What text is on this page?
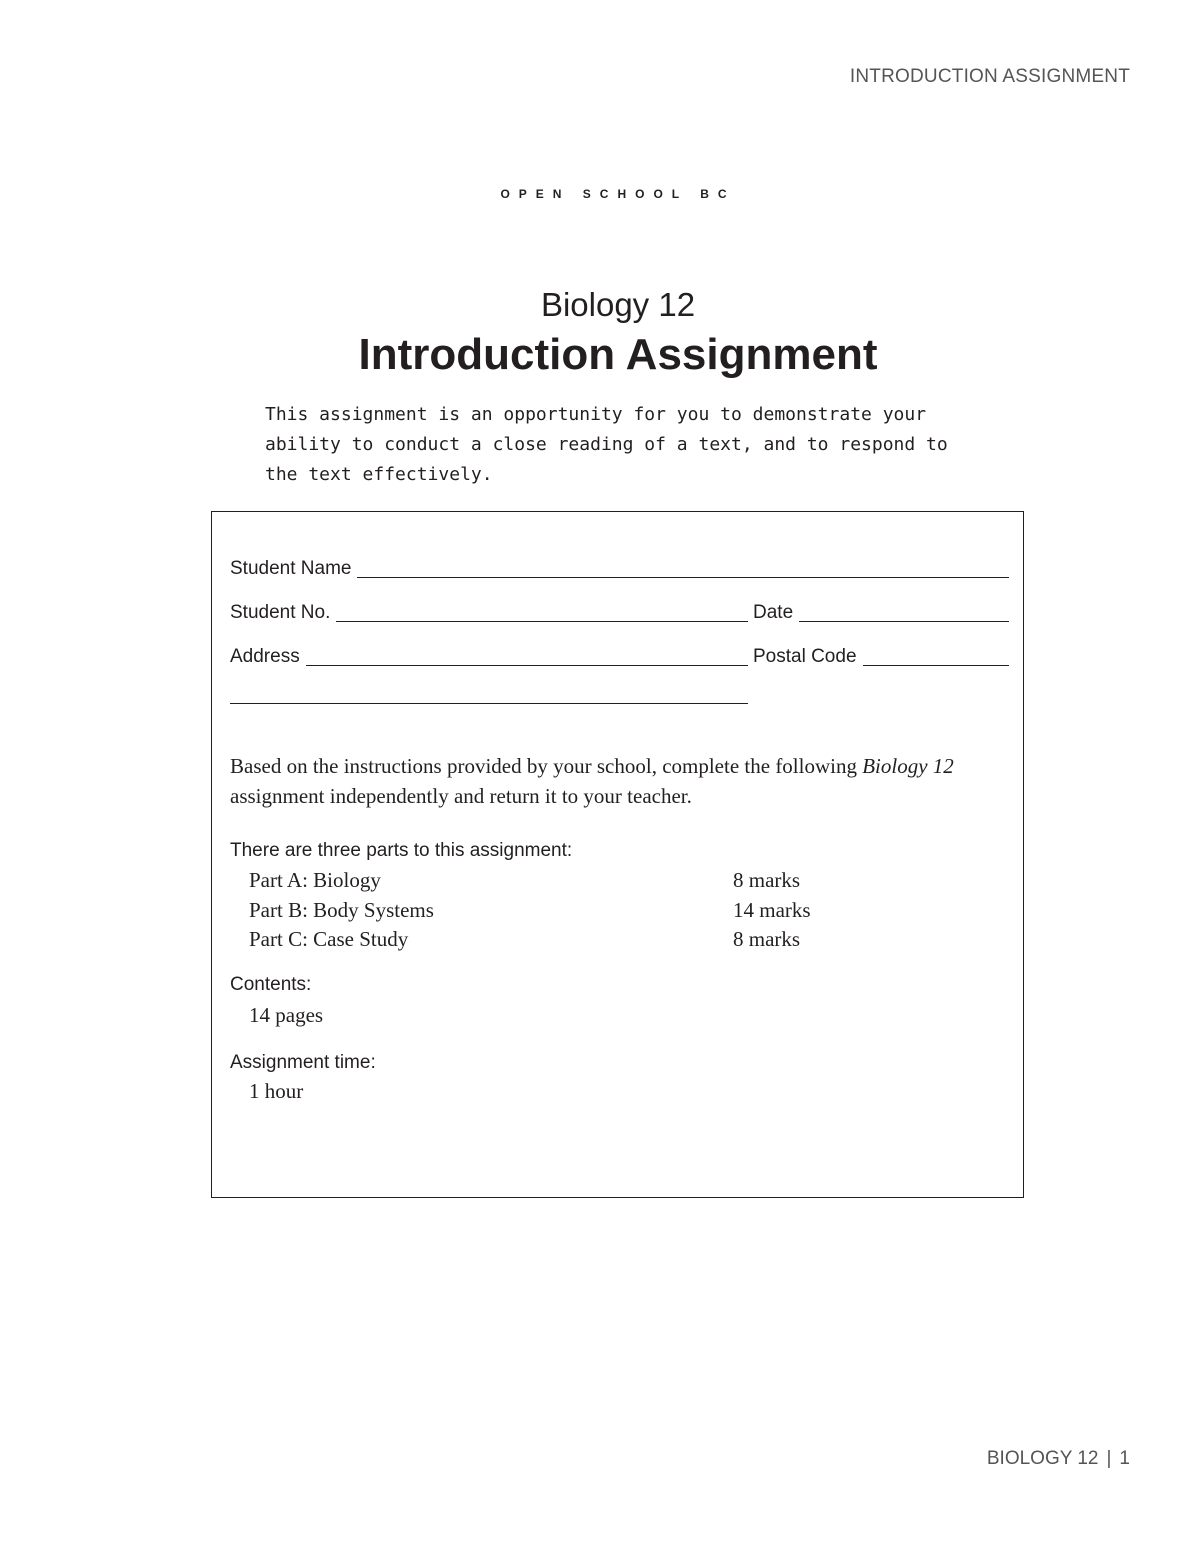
INTRODUCTION ASSIGNMENT
OPEN SCHOOL BC
Biology 12
Introduction Assignment

This assignment is an opportunity for you to demonstrate your ability to conduct a close reading of a text, and to respond to the text effectively.

Student Name
Student No.	Date
Address	Postal Code

Based on the instructions provided by your school, complete the following Biology 12 assignment independently and return it to your teacher.

There are three parts to this assignment:
Part A: Biology	8 marks
Part B: Body Systems	14 marks
Part C: Case Study	8 marks
Contents:
14 pages
Assignment time:
1 hour
BIOLOGY 12 | 1
